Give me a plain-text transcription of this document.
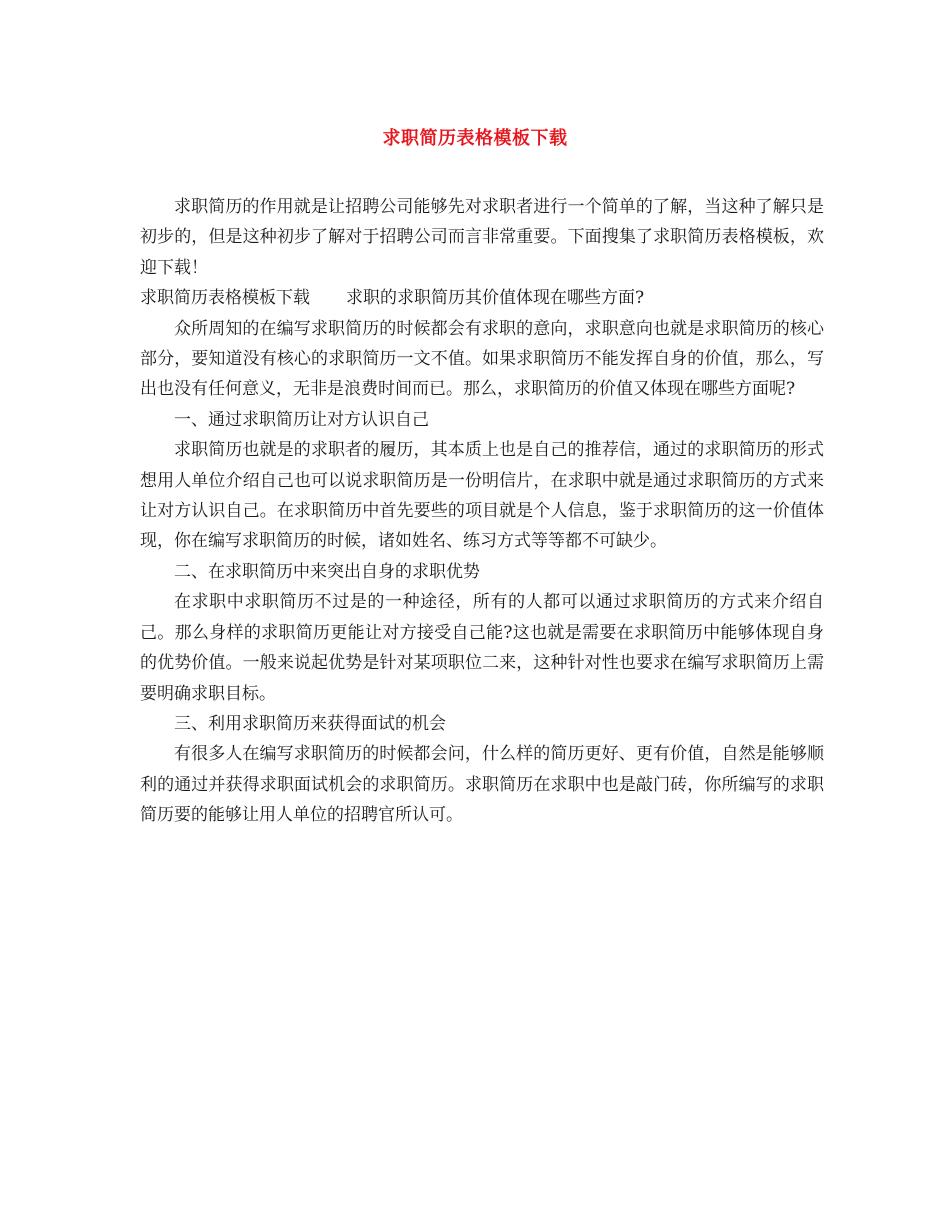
求职简历表格模板下载

求职简历的作用就是让招聘公司能够先对求职者进行一个简单的了解，当这种了解只是初步的，但是这种初步了解对于招聘公司而言非常重要。下面搜集了求职简历表格模板，欢迎下载！

求职简历表格模板下载 求职的求职简历其价值体现在哪些方面?

众所周知的在编写求职简历的时候都会有求职的意向，求职意向也就是求职简历的核心部分，要知道没有核心的求职简历一文不值。如果求职简历不能发挥自身的价值，那么，写出也没有任何意义，无非是浪费时间而已。那么，求职简历的价值又体现在哪些方面呢?

一、通过求职简历让对方认识自己

求职简历也就是的求职者的履历，其本质上也是自己的推荐信，通过的求职简历的形式想用人单位介绍自己也可以说求职简历是一份明信片，在求职中就是通过求职简历的方式来让对方认识自己。在求职简历中首先要些的项目就是个人信息，鉴于求职简历的这一价值体现，你在编写求职简历的时候，诸如姓名、练习方式等等都不可缺少。

二、在求职简历中来突出自身的求职优势

在求职中求职简历不过是的一种途径，所有的人都可以通过求职简历的方式来介绍自己。那么身样的求职简历更能让对方接受自己能?这也就是需要在求职简历中能够体现自身的优势价值。一般来说起优势是针对某项职位二来，这种针对性也要求在编写求职简历上需要明确求职目标。

三、利用求职简历来获得面试的机会

有很多人在编写求职简历的时候都会问，什么样的简历更好、更有价值，自然是能够顺利的通过并获得求职面试机会的求职简历。求职简历在求职中也是敲门砖，你所编写的求职简历要的能够让用人单位的招聘官所认可。
